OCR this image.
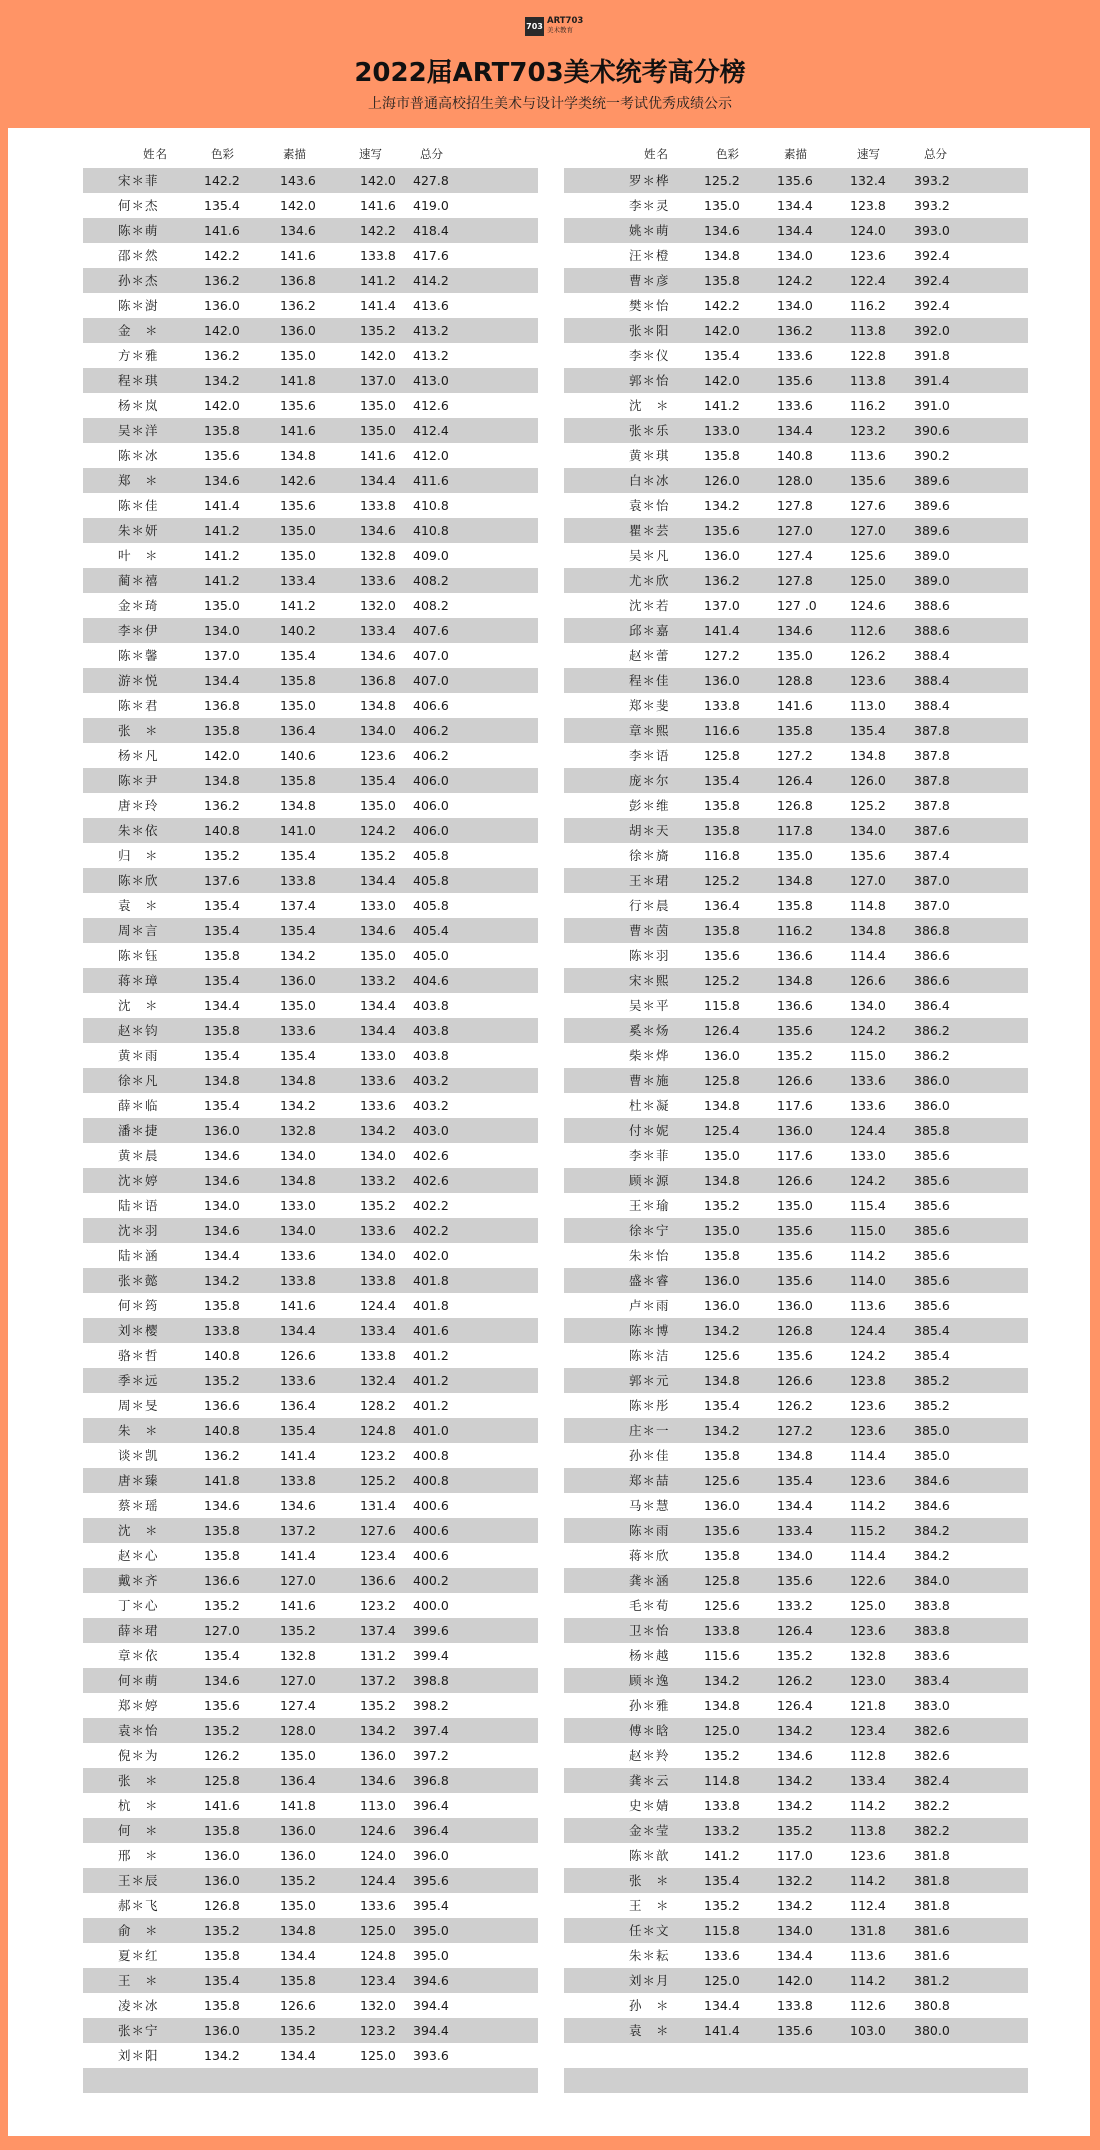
703 ART703
美术教育
2022届ART703美术统考高分榜
上海市普通高校招生美术与设计学类统一考试优秀成绩公示
姓名	色彩	素描	速写	总分
宋＊菲	142.2	143.6	142.0 427.8
何＊杰	135.4	142.0	141.6 419.0
陈＊萌	141.6	134.6	142.2 418.4
邵＊然	142.2	141.6	133.8 417.6
孙＊杰	136.2	136.8	141.2 414.2
陈＊澍	136.0	136.2	141.4 413.6
金　＊	142.0	136.0	135.2 413.2
方＊雅	136.2	135.0	142.0 413.2
程＊琪	134.2	141.8	137.0 413.0
杨＊岚	142.0	135.6	135.0 412.6
吴＊洋	135.8	141.6	135.0 412.4
陈＊冰	135.6	134.8	141.6 412.0
郑　＊	134.6	142.6	134.4 411.6
陈＊佳	141.4	135.6	133.8 410.8
朱＊妍	141.2	135.0	134.6 410.8
叶　＊	141.2	135.0	132.8 409.0
蔺＊禧	141.2	133.4	133.6 408.2
金＊琦	135.0	141.2	132.0 408.2
李＊伊	134.0	140.2	133.4 407.6
陈＊馨	137.0	135.4	134.6 407.0
游＊悦	134.4	135.8	136.8 407.0
陈＊君	136.8	135.0	134.8 406.6
张　＊	135.8	136.4	134.0 406.2
杨＊凡	142.0	140.6	123.6 406.2
陈＊尹	134.8	135.8	135.4 406.0
唐＊玲	136.2	134.8	135.0 406.0
朱＊依	140.8	141.0	124.2 406.0
归　＊	135.2	135.4	135.2 405.8
陈＊欣	137.6	133.8	134.4 405.8
袁　＊	135.4	137.4	133.0 405.8
周＊言	135.4	135.4	134.6 405.4
陈＊钰	135.8	134.2	135.0 405.0
蒋＊璋	135.4	136.0	133.2 404.6
沈　＊	134.4	135.0	134.4 403.8
赵＊钧	135.8	133.6	134.4 403.8
黄＊雨	135.4	135.4	133.0 403.8
徐＊凡	134.8	134.8	133.6 403.2
薛＊临	135.4	134.2	133.6 403.2
潘＊捷	136.0	132.8	134.2 403.0
黄＊晨	134.6	134.0	134.0 402.6
沈＊婷	134.6	134.8	133.2 402.6
陆＊语	134.0	133.0	135.2 402.2
沈＊羽	134.6	134.0	133.6 402.2
陆＊涵	134.4	133.6	134.0 402.0
张＊懿	134.2	133.8	133.8 401.8
何＊筠	135.8	141.6	124.4 401.8
刘＊樱	133.8	134.4	133.4 401.6
骆＊哲	140.8	126.6	133.8 401.2
季＊远	135.2	133.6	132.4 401.2
周＊旻	136.6	136.4	128.2 401.2
朱　＊	140.8	135.4	124.8 401.0
谈＊凯	136.2	141.4	123.2 400.8
唐＊臻	141.8	133.8	125.2 400.8
蔡＊瑶	134.6	134.6	131.4 400.6
沈　＊	135.8	137.2	127.6 400.6
赵＊心	135.8	141.4	123.4 400.6
戴＊齐	136.6	127.0	136.6 400.2
丁＊心	135.2	141.6	123.2 400.0
薛＊珺	127.0	135.2	137.4 399.6
章＊依	135.4	132.8	131.2 399.4
何＊萌	134.6	127.0	137.2 398.8
郑＊婷	135.6	127.4	135.2 398.2
袁＊怡	135.2	128.0	134.2 397.4
倪＊为	126.2	135.0	136.0 397.2
张　＊	125.8	136.4	134.6 396.8
杭　＊	141.6	141.8	113.0 396.4
何　＊	135.8	136.0	124.6 396.4
邢　＊	136.0	136.0	124.0 396.0
王＊辰	136.0	135.2	124.4 395.6
郝＊飞	126.8	135.0	133.6 395.4
俞　＊	135.2	134.8	125.0 395.0
夏＊红	135.8	134.4	124.8 395.0
王　＊	135.4	135.8	123.4 394.6
凌＊冰	135.8	126.6	132.0 394.4
张＊宁	136.0	135.2	123.2 394.4
刘＊阳	134.2	134.4	125.0 393.6
姓名	色彩	素描	速写	总分
罗＊桦	125.2	135.6	132.4 393.2
李＊灵	135.0	134.4	123.8 393.2
姚＊萌	134.6	134.4	124.0 393.0
汪＊橙	134.8	134.0	123.6 392.4
曹＊彦	135.8	124.2	122.4 392.4
樊＊怡	142.2	134.0	116.2 392.4
张＊阳	142.0	136.2	113.8 392.0
李＊仪	135.4	133.6	122.8 391.8
郭＊怡	142.0	135.6	113.8 391.4
沈　＊	141.2	133.6	116.2 391.0
张＊乐	133.0	134.4	123.2 390.6
黄＊琪	135.8	140.8	113.6 390.2
白＊冰	126.0	128.0	135.6 389.6
袁＊怡	134.2	127.8	127.6 389.6
瞿＊芸	135.6	127.0	127.0 389.6
吴＊凡	136.0	127.4	125.6 389.0
尤＊欣	136.2	127.8	125.0 389.0
沈＊若	137.0	127 .0	124.6 388.6
邱＊嘉	141.4	134.6	112.6 388.6
赵＊蕾	127.2	135.0	126.2 388.4
程＊佳	136.0	128.8	123.6 388.4
郑＊斐	133.8	141.6	113.0 388.4
章＊熙	116.6	135.8	135.4 387.8
李＊语	125.8	127.2	134.8 387.8
庞＊尔	135.4	126.4	126.0 387.8
彭＊维	135.8	126.8	125.2 387.8
胡＊天	135.8	117.8	134.0 387.6
徐＊旖	116.8	135.0	135.6 387.4
王＊珺	125.2	134.8	127.0 387.0
行＊晨	136.4	135.8	114.8 387.0
曹＊茵	135.8	116.2	134.8 386.8
陈＊羽	135.6	136.6	114.4 386.6
宋＊熙	125.2	134.8	126.6 386.6
吴＊平	115.8	136.6	134.0 386.4
奚＊炀	126.4	135.6	124.2 386.2
柴＊烨	136.0	135.2	115.0 386.2
曹＊施	125.8	126.6	133.6 386.0
杜＊凝	134.8	117.6	133.6 386.0
付＊妮	125.4	136.0	124.4 385.8
李＊菲	135.0	117.6	133.0 385.6
顾＊源	134.8	126.6	124.2 385.6
王＊瑜	135.2	135.0	115.4 385.6
徐＊宁	135.0	135.6	115.0 385.6
朱＊怡	135.8	135.6	114.2 385.6
盛＊睿	136.0	135.6	114.0 385.6
卢＊雨	136.0	136.0	113.6 385.6
陈＊博	134.2	126.8	124.4 385.4
陈＊洁	125.6	135.6	124.2 385.4
郭＊元	134.8	126.6	123.8 385.2
陈＊彤	135.4	126.2	123.6 385.2
庄＊一	134.2	127.2	123.6 385.0
孙＊佳	135.8	134.8	114.4 385.0
郑＊喆	125.6	135.4	123.6 384.6
马＊慧	136.0	134.4	114.2 384.6
陈＊雨	135.6	133.4	115.2 384.2
蒋＊欣	135.8	134.0	114.4 384.2
龚＊涵	125.8	135.6	122.6 384.0
毛＊荀	125.6	133.2	125.0 383.8
卫＊怡	133.8	126.4	123.6 383.8
杨＊越	115.6	135.2	132.8 383.6
顾＊逸	134.2	126.2	123.0 383.4
孙＊雅	134.8	126.4	121.8 383.0
傅＊晗	125.0	134.2	123.4 382.6
赵＊羚	135.2	134.6	112.8 382.6
龚＊云	114.8	134.2	133.4 382.4
史＊婧	133.8	134.2	114.2 382.2
金＊莹	133.2	135.2	113.8 382.2
陈＊歆	141.2	117.0	123.6 381.8
张　＊	135.4	132.2	114.2 381.8
王　＊	135.2	134.2	112.4 381.8
任＊文	115.8	134.0	131.8 381.6
朱＊耘	133.6	134.4	113.6 381.6
刘＊月	125.0	142.0	114.2 381.2
孙　＊	134.4	133.8	112.6 380.8
袁　＊	141.4	135.6	103.0 380.0
